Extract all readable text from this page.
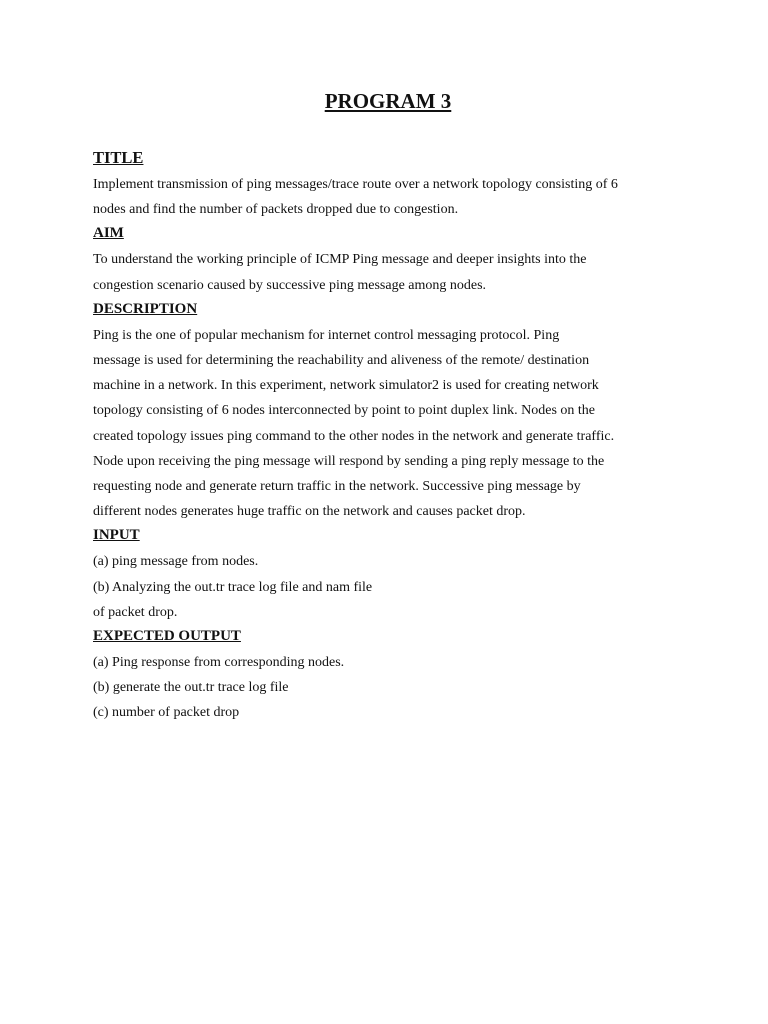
PROGRAM 3
TITLE
Implement transmission of ping messages/trace route over a network topology consisting of 6
nodes and find the number of packets dropped due to congestion.
AIM
To understand the working principle of ICMP Ping message and deeper insights into the
congestion scenario caused by successive ping message among nodes.
DESCRIPTION
Ping is the one of popular mechanism for internet control messaging protocol. Ping
message is used for determining the reachability and aliveness of the remote/ destination
machine in a network. In this experiment, network simulator2 is used for creating network
topology consisting of 6 nodes interconnected by point to point duplex link. Nodes on the
created topology issues ping command to the other nodes in the network and generate traffic.
Node upon receiving the ping message will respond by sending a ping reply message to the
requesting node and generate return traffic in the network. Successive ping message by
different nodes generates huge traffic on the network and causes packet drop.
INPUT
(a) ping message from nodes.
(b) Analyzing the out.tr trace log file and nam file
of packet drop.
EXPECTED OUTPUT
(a) Ping response from corresponding nodes.
(b) generate the out.tr trace log file
(c) number of packet drop
